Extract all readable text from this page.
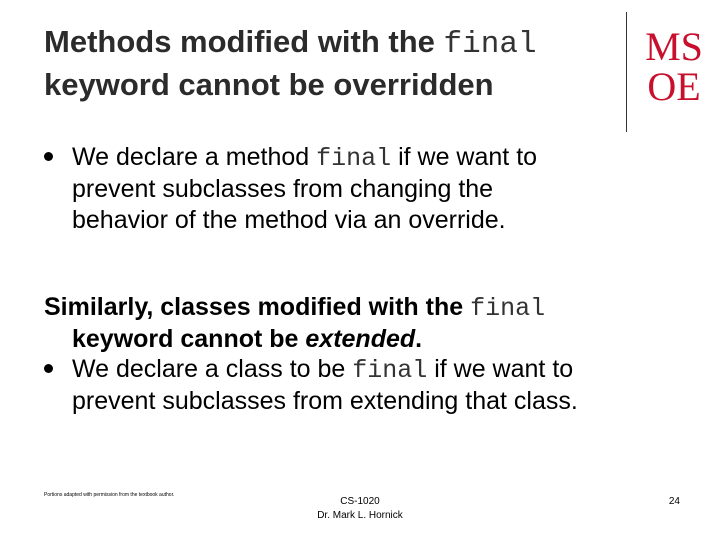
Methods modified with the final
keyword cannot be overridden
MS
OE
We declare a method final if we want to
prevent subclasses from changing the
behavior of the method via an override.
Similarly, classes modified with the final
keyword cannot be extended.
We declare a class to be final if we want to
prevent subclasses from extending that class.
Portions adapted with permission from the textbook author.
CS-1020
Dr. Mark L. Hornick
24
